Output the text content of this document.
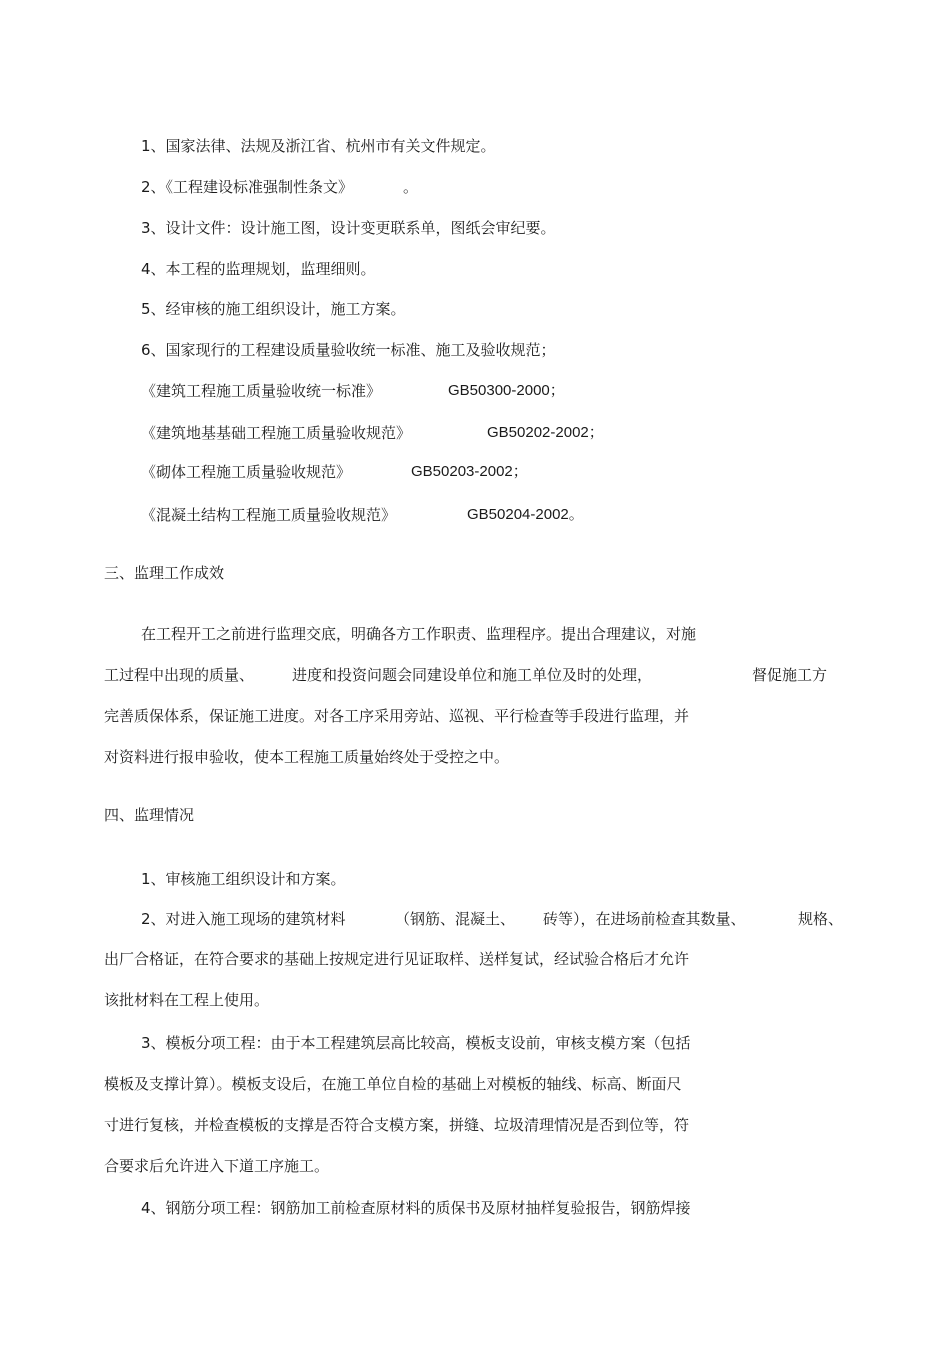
1、国家法律、法规及浙江省、杭州市有关文件规定。

2、《工程建设标准强制性条文》

	。

3、设计文件：设计施工图，设计变更联系单，图纸会审纪要。
4、本工程的监理规划，监理细则。
5、经审核的施工组织设计，施工方案。
6、国家现行的工程建设质量验收统一标准、施工及验收规范；

《建筑工程施工质量验收统一标准》

	GB50300-2000；

《建筑地基基础工程施工质量验收规范》

	GB50202-2002；

《砌体工程施工质量验收规范》

	GB50203-2002；

《混凝土结构工程施工质量验收规范》

	GB50204-2002。

三、监理工作成效
在工程开工之前进行监理交底，明确各方工作职责、监理程序。提出合理建议，对施

工过程中出现的质量、

	进度和投资问题会同建设单位和施工单位及时的处理，

	督促施工方

完善质保体系，保证施工进度。对各工序采用旁站、巡视、平行检查等手段进行监理，并
对资料进行报申验收，使本工程施工质量始终处于受控之中。
四、监理情况
1、审核施工组织设计和方案。

2、对进入施工现场的建筑材料

	（钢筋、混凝土、

砖等），在进场前检查其数量、

	规格、

出厂合格证，在符合要求的基础上按规定进行见证取样、送样复试，经试验合格后才允许
该批材料在工程上使用。
3、模板分项工程：由于本工程建筑层高比较高，模板支设前，审核支模方案（包括
模板及支撑计算）。模板支设后，在施工单位自检的基础上对模板的轴线、标高、断面尺
寸进行复核，并检查模板的支撑是否符合支模方案，拼缝、垃圾清理情况是否到位等，符
合要求后允许进入下道工序施工。
4、钢筋分项工程：钢筋加工前检查原材料的质保书及原材抽样复验报告，钢筋焊接
